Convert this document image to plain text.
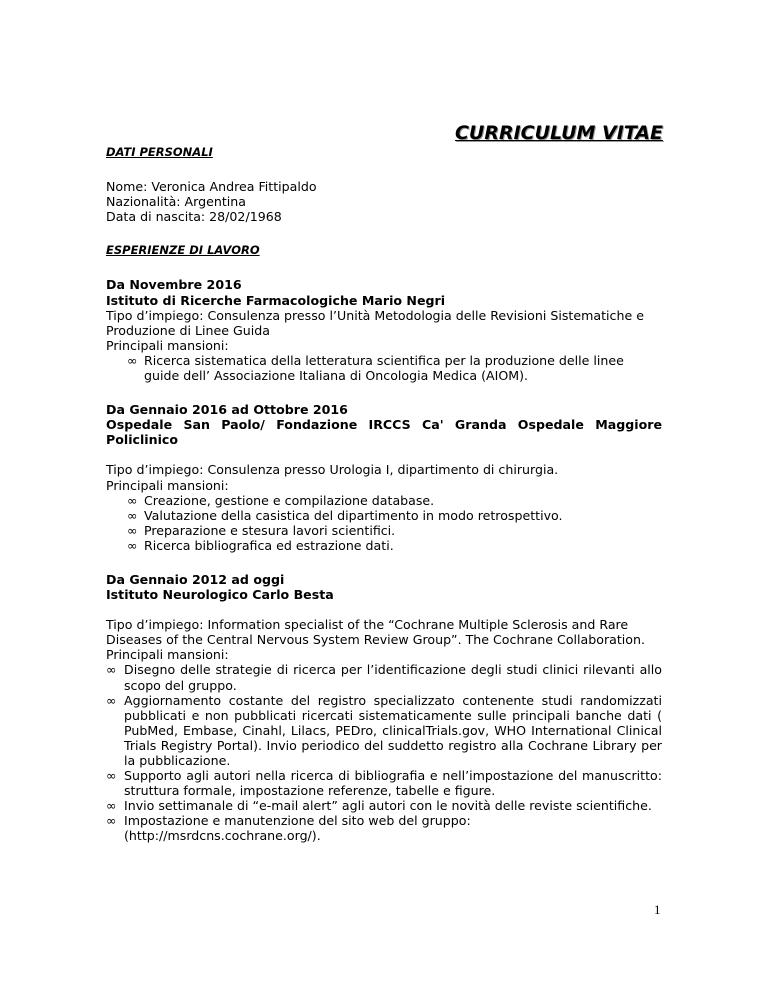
CURRICULUM VITAE
DATI PERSONALI
Nome: Veronica Andrea Fittipaldo
Nazionalità: Argentina
Data di nascita: 28/02/1968
ESPERIENZE DI LAVORO
Da Novembre 2016
Istituto di Ricerche Farmacologiche Mario Negri
Tipo d’impiego: Consulenza presso l’Unità Metodologia delle Revisioni Sistematiche e Produzione di Linee Guida
Principali mansioni:
∞ Ricerca sistematica della letteratura scientifica per la produzione delle linee guide dell’ Associazione Italiana di Oncologia Medica (AIOM).
Da Gennaio 2016 ad Ottobre 2016
Ospedale San Paolo/ Fondazione IRCCS Ca' Granda Ospedale Maggiore Policlinico
Tipo d’impiego: Consulenza presso Urologia I, dipartimento di chirurgia.
Principali mansioni:
∞ Creazione, gestione e compilazione database.
∞ Valutazione della casistica del dipartimento in modo retrospettivo.
∞ Preparazione e stesura lavori scientifici.
∞ Ricerca bibliografica ed estrazione dati.
Da Gennaio 2012 ad oggi
Istituto Neurologico Carlo Besta
Tipo d’impiego: Information specialist of the “Cochrane Multiple Sclerosis and Rare Diseases of the Central Nervous System Review Group”. The Cochrane Collaboration.
Principali mansioni:
∞ Disegno delle strategie di ricerca per l’identificazione degli studi clinici rilevanti allo scopo del gruppo.
∞ Aggiornamento costante del registro specializzato contenente studi randomizzati pubblicati e non pubblicati ricercati sistematicamente sulle principali banche dati ( PubMed, Embase, Cinahl, Lilacs, PEDro, clinicalTrials.gov, WHO International Clinical Trials Registry Portal). Invio periodico del suddetto registro alla Cochrane Library per la pubblicazione.
∞ Supporto agli autori nella ricerca di bibliografia e nell’impostazione del manuscritto: struttura formale, impostazione referenze, tabelle e figure.
∞ Invio settimanale di “e-mail alert” agli autori con le novità delle reviste scientifiche.
∞ Impostazione e manutenzione del sito web del gruppo: (http://msrdcns.cochrane.org/).
1
